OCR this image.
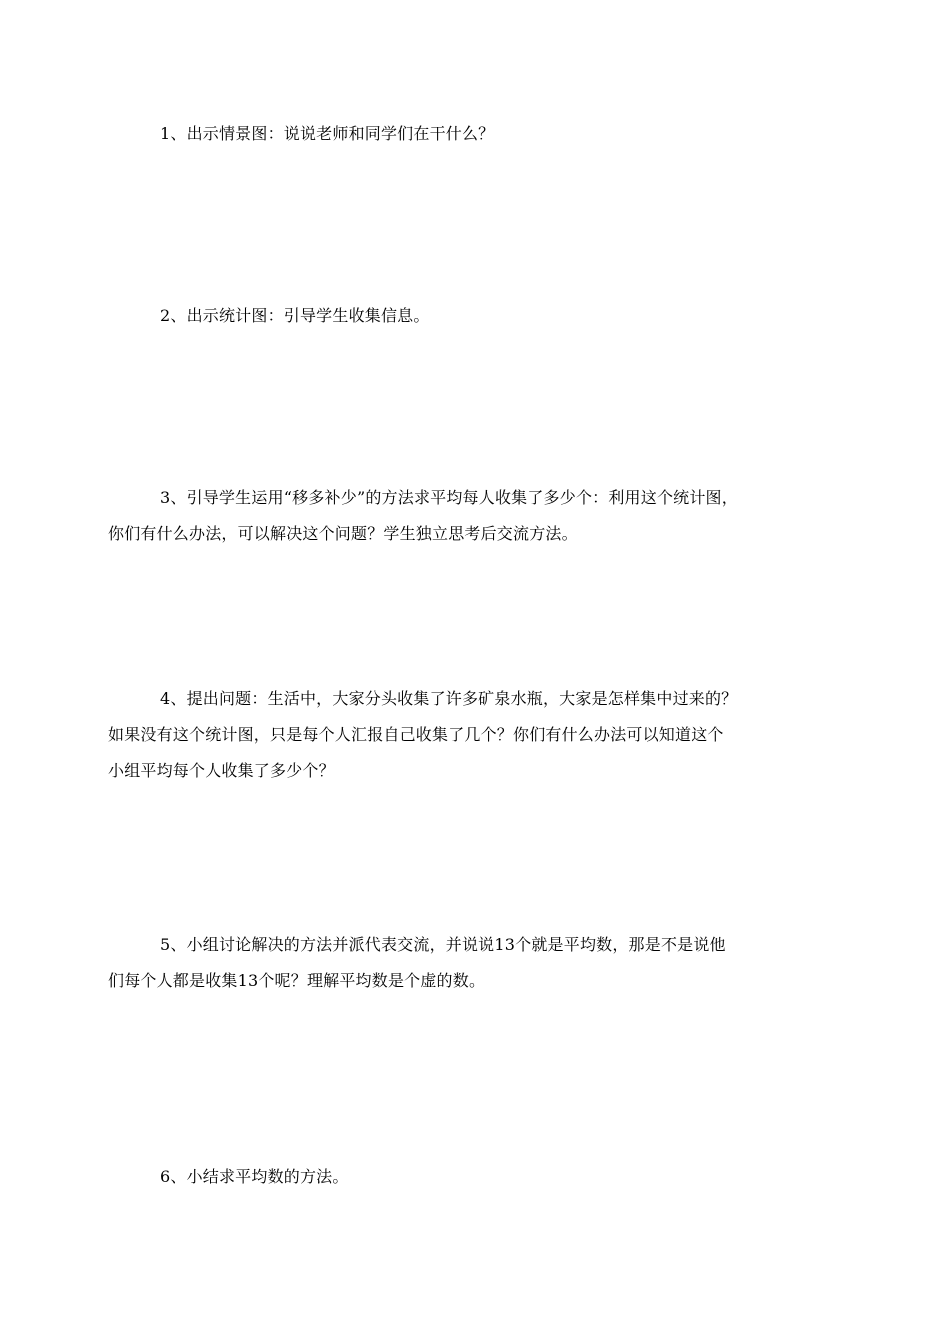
1、出示情景图：说说老师和同学们在干什么？

2、出示统计图：引导学生收集信息。

3、引导学生运用“移多补少”的方法求平均每人收集了多少个：利用这个统计图，
你们有什么办法，可以解决这个问题？学生独立思考后交流方法。

4、提出问题：生活中，大家分头收集了许多矿泉水瓶，大家是怎样集中过来的？
如果没有这个统计图，只是每个人汇报自己收集了几个？你们有什么办法可以知道这个
小组平均每个人收集了多少个？

5、小组讨论解决的方法并派代表交流，并说说13个就是平均数，那是不是说他
们每个人都是收集13个呢？理解平均数是个虚的数。

6、小结求平均数的方法。
